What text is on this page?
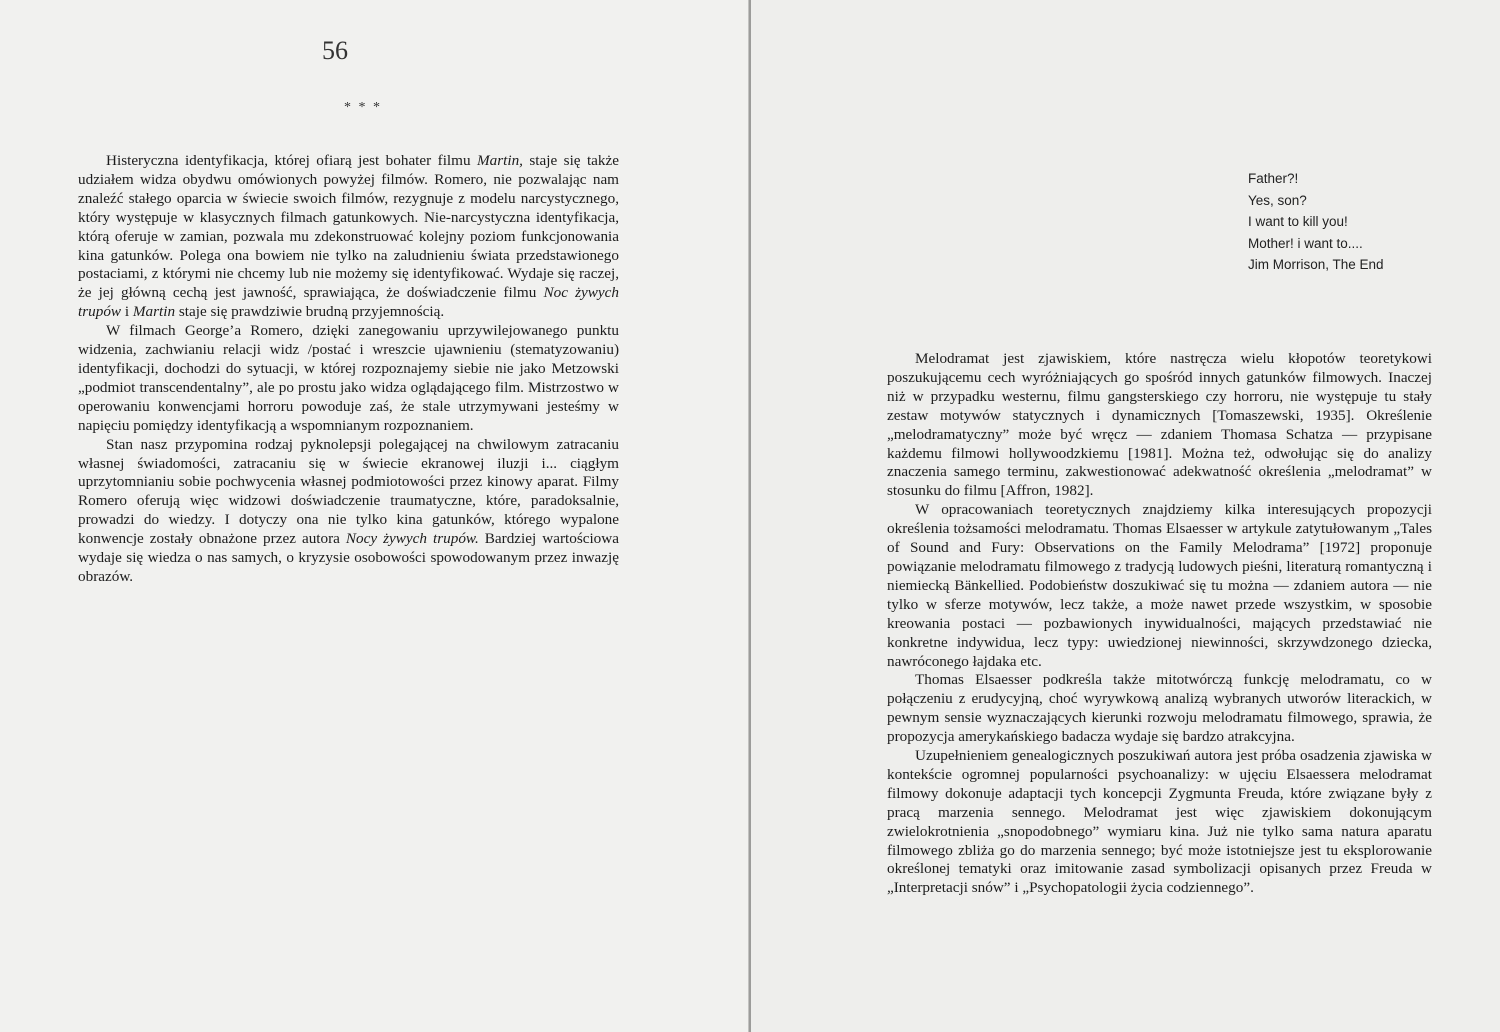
56
* * *

Histeryczna identyfikacja, której ofiarą jest bohater filmu Martin, staje się także udziałem widza obydwu omówionych powyżej filmów. Romero, nie pozwalając nam znaleźć stałego oparcia w świecie swoich filmów, rezygnuje z modelu narcystycznego, który występuje w klasycznych filmach gatunkowych. Nie-narcystyczna identyfikacja, którą oferuje w zamian, pozwala mu zdekonstruować kolejny poziom funkcjonowania kina gatunków. Polega ona bowiem nie tylko na zaludnieniu świata przedstawionego postaciami, z którymi nie chcemy lub nie możemy się identyfikować. Wydaje się raczej, że jej główną cechą jest jawność, sprawiająca, że doświadczenie filmu Noc żywych trupów i Martin staje się prawdziwie brudną przyjemnością.

W filmach George’a Romero, dzięki zanegowaniu uprzywilejowanego punktu widzenia, zachwianiu relacji widz /postać i wreszcie ujawnieniu (stematyzowaniu) identyfikacji, dochodzi do sytuacji, w której rozpoznajemy siebie nie jako Metzowski „podmiot transcendentalny”, ale po prostu jako widza oglądającego film. Mistrzostwo w operowaniu konwencjami horroru powoduje zaś, że stale utrzymywani jesteśmy w napięciu pomiędzy identyfikacją a wspomnianym rozpoznaniem.

Stan nasz przypomina rodzaj pyknolepsji polegającej na chwilowym zatracaniu własnej świadomości, zatracaniu się w świecie ekranowej iluzji i... ciągłym uprzytomnianiu sobie pochwycenia własnej podmiotowości przez kinowy aparat. Filmy Romero oferują więc widzowi doświadczenie traumatyczne, które, paradoksalnie, prowadzi do wiedzy. I dotyczy ona nie tylko kina gatunków, którego wypalone konwencje zostały obnażone przez autora Nocy żywych trupów. Bardziej wartościowa wydaje się wiedza o nas samych, o kryzysie osobowości spowodowanym przez inwazję obrazów.

Father?!
Yes, son?
I want to kill you!
Mother! i want to....
Jim Morrison, The End

Melodramat jest zjawiskiem, które nastręcza wielu kłopotów teoretykowi poszukującemu cech wyróżniających go spośród innych gatunków filmowych. Inaczej niż w przypadku westernu, filmu gangsterskiego czy horroru, nie występuje tu stały zestaw motywów statycznych i dynamicznych [Tomaszewski, 1935]. Określenie „melodramatyczny” może być wręcz — zdaniem Thomasa Schatza — przypisane każdemu filmowi hollywoodzkiemu [1981]. Można też, odwołując się do analizy znaczenia samego terminu, zakwestionować adekwatność określenia „melodramat” w stosunku do filmu [Affron, 1982].

W opracowaniach teoretycznych znajdziemy kilka interesujących propozycji określenia tożsamości melodramatu. Thomas Elsaesser w artykule zatytułowanym „Tales of Sound and Fury: Observations on the Family Melodrama” [1972] proponuje powiązanie melodramatu filmowego z tradycją ludowych pieśni, literaturą romantyczną i niemiecką Bänkellied. Podobieństw doszukiwać się tu można — zdaniem autora — nie tylko w sferze motywów, lecz także, a może nawet przede wszystkim, w sposobie kreowania postaci — pozbawionych inywidualności, mających przedstawiać nie konkretne indywidua, lecz typy: uwiedzionej niewinności, skrzywdzonego dziecka, nawróconego łajdaka etc.

Thomas Elsaesser podkreśla także mitotwórczą funkcję melodramatu, co w połączeniu z erudycyjną, choć wyrywkową analizą wybranych utworów literackich, w pewnym sensie wyznaczających kierunki rozwoju melodramatu filmowego, sprawia, że propozycja amerykańskiego badacza wydaje się bardzo atrakcyjna.

Uzupełnieniem genealogicznych poszukiwań autora jest próba osadzenia zjawiska w kontekście ogromnej popularności psychoanalizy: w ujęciu Elsaessera melodramat filmowy dokonuje adaptacji tych koncepcji Zygmunta Freuda, które związane były z pracą marzenia sennego. Melodramat jest więc zjawiskiem dokonującym zwielokrotnienia „snopodobnego” wymiaru kina. Już nie tylko sama natura aparatu filmowego zbliża go do marzenia sennego; być może istotniejsze jest tu eksplorowanie określonej tematyki oraz imitowanie zasad symbolizacji opisanych przez Freuda w „Interpretacji snów” i „Psychopatologii życia codziennego”.
